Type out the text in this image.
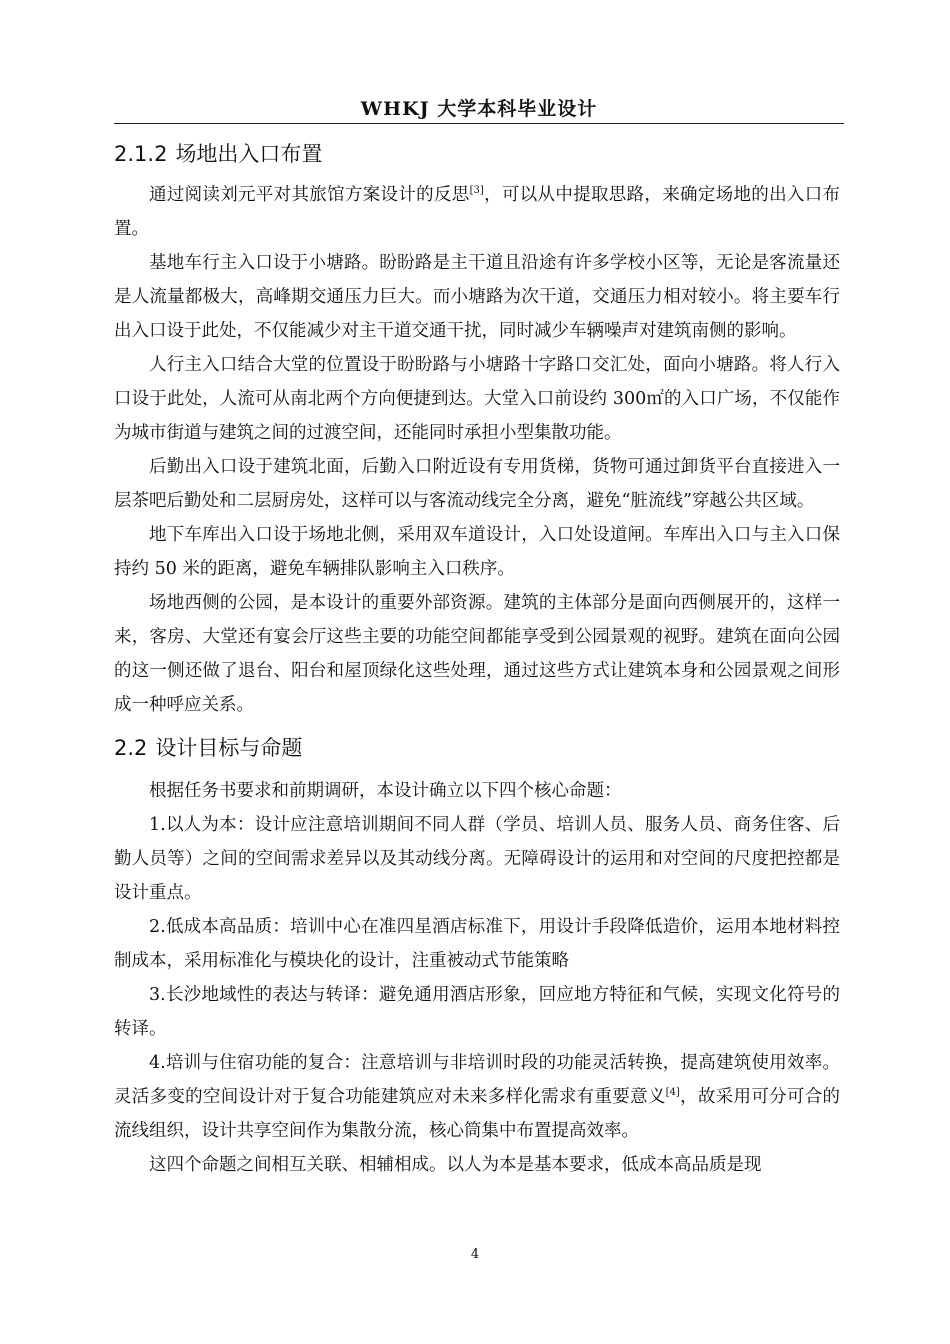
WHKJ 大学本科毕业设计
2.1.2 场地出入口布置

通过阅读刘元平对其旅馆方案设计的反思[3]，可以从中提取思路，来确定场地的出入口布置。

基地车行主入口设于小塘路。盼盼路是主干道且沿途有许多学校小区等，无论是客流量还是人流量都极大，高峰期交通压力巨大。而小塘路为次干道，交通压力相对较小。将主要车行出入口设于此处，不仅能减少对主干道交通干扰，同时减少车辆噪声对建筑南侧的影响。

人行主入口结合大堂的位置设于盼盼路与小塘路十字路口交汇处，面向小塘路。将人行入口设于此处，人流可从南北两个方向便捷到达。大堂入口前设约 300㎡的入口广场，不仅能作为城市街道与建筑之间的过渡空间，还能同时承担小型集散功能。

后勤出入口设于建筑北面，后勤入口附近设有专用货梯，货物可通过卸货平台直接进入一层茶吧后勤处和二层厨房处，这样可以与客流动线完全分离，避免“脏流线”穿越公共区域。

地下车库出入口设于场地北侧，采用双车道设计，入口处设道闸。车库出入口与主入口保持约 50 米的距离，避免车辆排队影响主入口秩序。

场地西侧的公园，是本设计的重要外部资源。建筑的主体部分是面向西侧展开的，这样一来，客房、大堂还有宴会厅这些主要的功能空间都能享受到公园景观的视野。建筑在面向公园的这一侧还做了退台、阳台和屋顶绿化这些处理，通过这些方式让建筑本身和公园景观之间形成一种呼应关系。

2.2 设计目标与命题

根据任务书要求和前期调研，本设计确立以下四个核心命题：

1.以人为本：设计应注意培训期间不同人群（学员、培训人员、服务人员、商务住客、后勤人员等）之间的空间需求差异以及其动线分离。无障碍设计的运用和对空间的尺度把控都是设计重点。

2.低成本高品质：培训中心在准四星酒店标准下，用设计手段降低造价，运用本地材料控制成本，采用标准化与模块化的设计，注重被动式节能策略

3.长沙地域性的表达与转译：避免通用酒店形象，回应地方特征和气候，实现文化符号的转译。

4.培训与住宿功能的复合：注意培训与非培训时段的功能灵活转换，提高建筑使用效率。灵活多变的空间设计对于复合功能建筑应对未来多样化需求有重要意义[4]，故采用可分可合的流线组织，设计共享空间作为集散分流，核心筒集中布置提高效率。

这四个命题之间相互关联、相辅相成。以人为本是基本要求，低成本高品质是现

4
